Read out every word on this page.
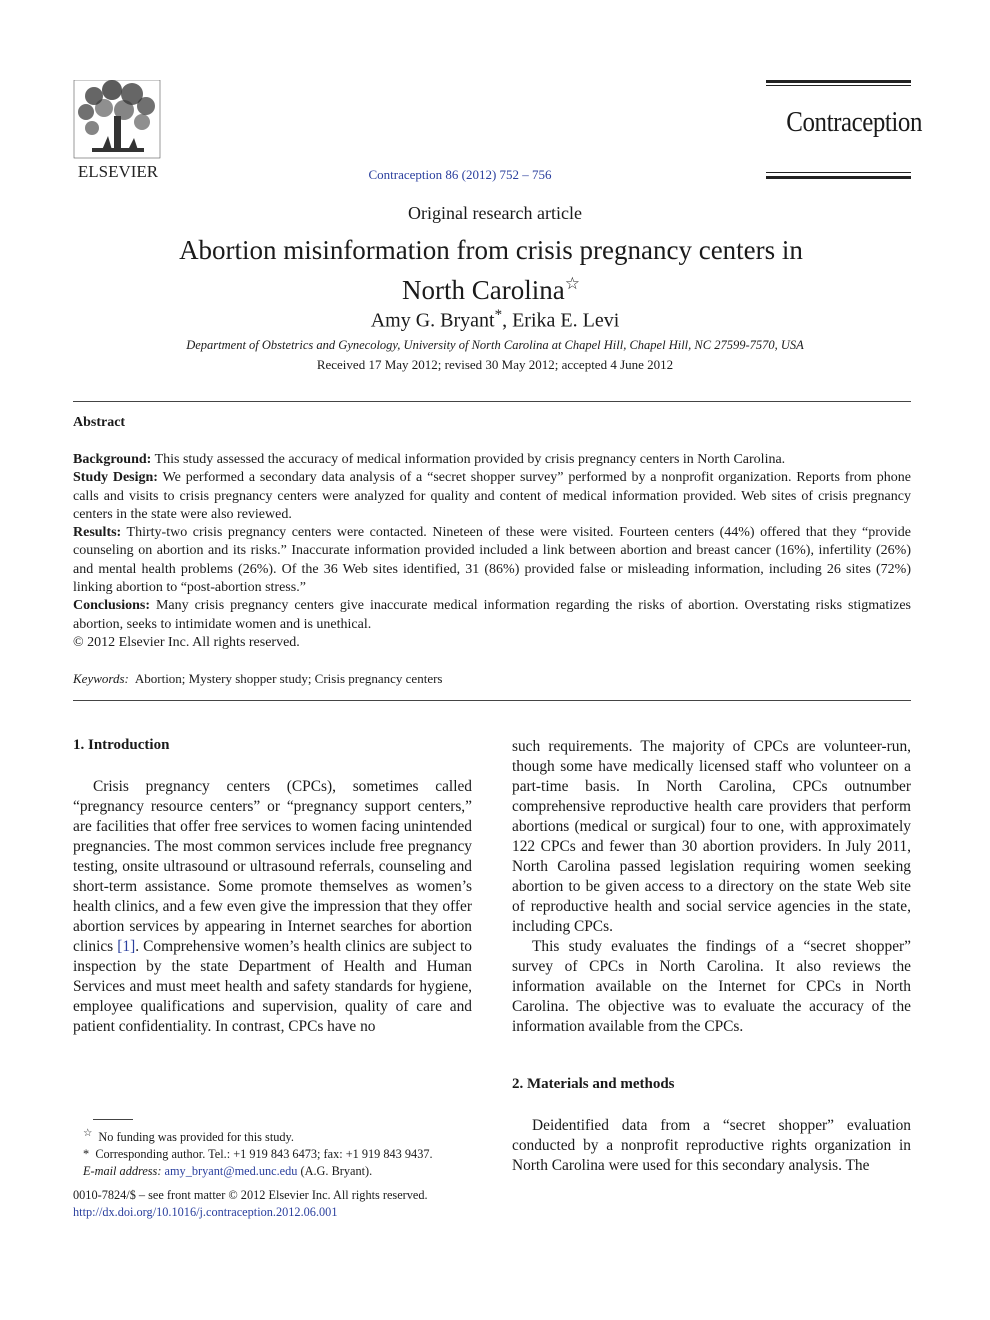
ELSEVIER	Contraception 86 (2012) 752 – 756
Contraception
Original research article
Abortion misinformation from crisis pregnancy centers in
North Carolina☆
Amy G. Bryant*, Erika E. Levi
Department of Obstetrics and Gynecology, University of North Carolina at Chapel Hill, Chapel Hill, NC 27599-7570, USA
Received 17 May 2012; revised 30 May 2012; accepted 4 June 2012
Abstract

Background: This study assessed the accuracy of medical information provided by crisis pregnancy centers in North Carolina.

Study Design: We performed a secondary data analysis of a “secret shopper survey” performed by a nonprofit organization. Reports from phone calls and visits to crisis pregnancy centers were analyzed for quality and content of medical information provided. Web sites of crisis pregnancy centers in the state were also reviewed.

Results: Thirty-two crisis pregnancy centers were contacted. Nineteen of these were visited. Fourteen centers (44%) offered that they “provide counseling on abortion and its risks.” Inaccurate information provided included a link between abortion and breast cancer (16%), infertility (26%) and mental health problems (26%). Of the 36 Web sites identified, 31 (86%) provided false or misleading information, including 26 sites (72%) linking abortion to “post-abortion stress.”

Conclusions: Many crisis pregnancy centers give inaccurate medical information regarding the risks of abortion. Overstating risks stigmatizes abortion, seeks to intimidate women and is unethical.

© 2012 Elsevier Inc. All rights reserved.

Keywords: Abortion; Mystery shopper study; Crisis pregnancy centers
1. Introduction

Crisis pregnancy centers (CPCs), sometimes called “pregnancy resource centers” or “pregnancy support centers,” are facilities that offer free services to women facing unintended pregnancies. The most common services include free pregnancy testing, onsite ultrasound or ultrasound referrals, counseling and short-term assistance. Some promote themselves as women’s health clinics, and a few even give the impression that they offer abortion services by appearing in Internet searches for abortion clinics [1]. Comprehensive women’s health clinics are subject to inspection by the state Department of Health and Human Services and must meet health and safety standards for hygiene, employee qualifications and supervision, quality of care and patient confidentiality. In contrast, CPCs have no

such requirements. The majority of CPCs are volunteer-run, though some have medically licensed staff who volunteer on a part-time basis. In North Carolina, CPCs outnumber comprehensive reproductive health care providers that perform abortions (medical or surgical) four to one, with approximately 122 CPCs and fewer than 30 abortion providers. In July 2011, North Carolina passed legislation requiring women seeking abortion to be given access to a directory on the state Web site of reproductive health and social service agencies in the state, including CPCs.

This study evaluates the findings of a “secret shopper” survey of CPCs in North Carolina. It also reviews the information available on the Internet for CPCs in North Carolina. The objective was to evaluate the accuracy of the information available from the CPCs.

2. Materials and methods

Deidentified data from a “secret shopper” evaluation conducted by a nonprofit reproductive rights organization in North Carolina were used for this secondary analysis. The

☆ No funding was provided for this study.
* Corresponding author. Tel.: +1 919 843 6473; fax: +1 919 843 9437.
E-mail address: amy_bryant@med.unc.edu (A.G. Bryant).
0010-7824/$ – see front matter © 2012 Elsevier Inc. All rights reserved.
http://dx.doi.org/10.1016/j.contraception.2012.06.001
